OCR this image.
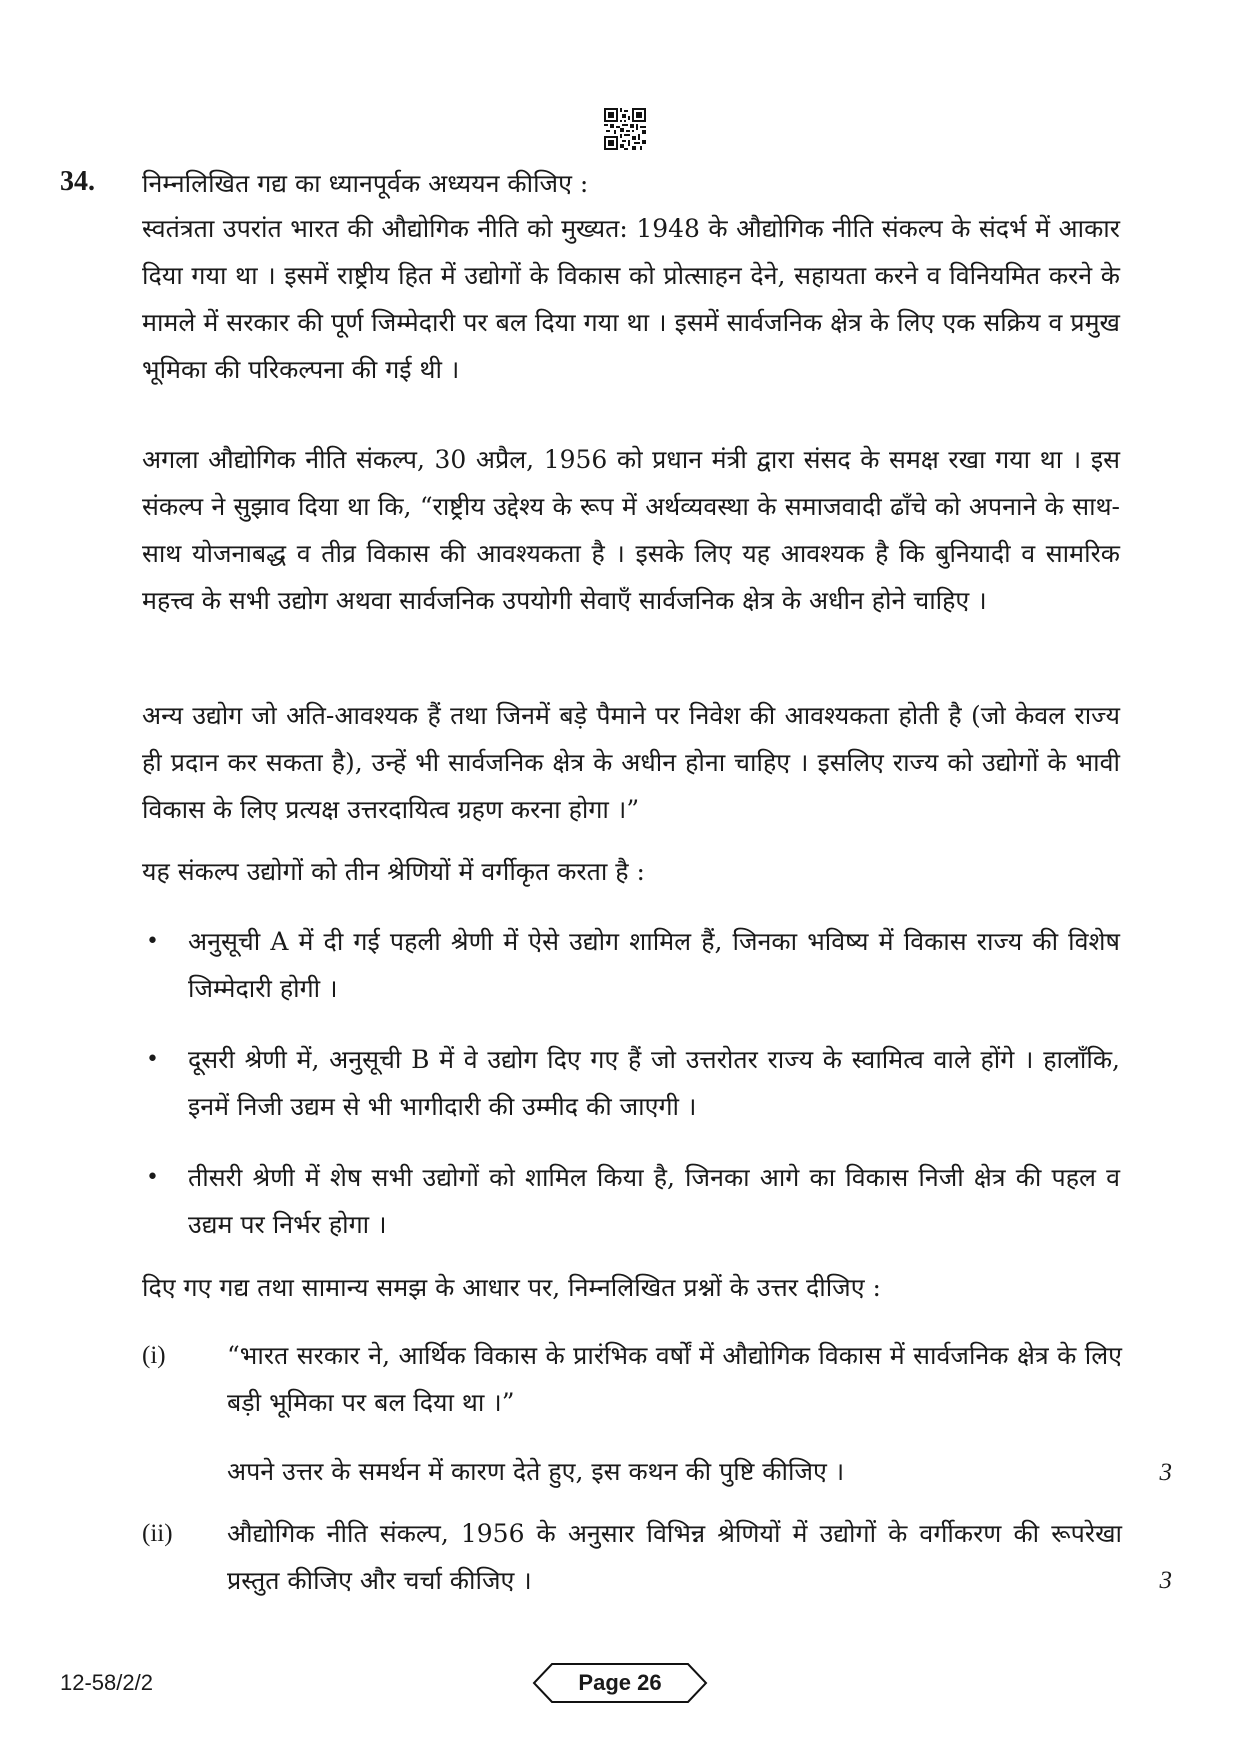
34. निम्नलिखित गद्य का ध्यानपूर्वक अध्ययन कीजिए :
स्वतंत्रता उपरांत भारत की औद्योगिक नीति को मुख्यत: 1948 के औद्योगिक नीति संकल्प के संदर्भ में आकार दिया गया था । इसमें राष्ट्रीय हित में उद्योगों के विकास को प्रोत्साहन देने, सहायता करने व विनियमित करने के मामले में सरकार की पूर्ण जिम्मेदारी पर बल दिया गया था । इसमें सार्वजनिक क्षेत्र के लिए एक सक्रिय व प्रमुख भूमिका की परिकल्पना की गई थी ।
अगला औद्योगिक नीति संकल्प, 30 अप्रैल, 1956 को प्रधान मंत्री द्वारा संसद के समक्ष रखा गया था । इस संकल्प ने सुझाव दिया था कि, “राष्ट्रीय उद्देश्य के रूप में अर्थव्यवस्था के समाजवादी ढाँचे को अपनाने के साथ-साथ योजनाबद्ध व तीव्र विकास की आवश्यकता है । इसके लिए यह आवश्यक है कि बुनियादी व सामरिक महत्त्व के सभी उद्योग अथवा सार्वजनिक उपयोगी सेवाएँ सार्वजनिक क्षेत्र के अधीन होने चाहिए ।
अन्य उद्योग जो अति-आवश्यक हैं तथा जिनमें बड़े पैमाने पर निवेश की आवश्यकता होती है (जो केवल राज्य ही प्रदान कर सकता है), उन्हें भी सार्वजनिक क्षेत्र के अधीन होना चाहिए । इसलिए राज्य को उद्योगों के भावी विकास के लिए प्रत्यक्ष उत्तरदायित्व ग्रहण करना होगा ।”
यह संकल्प उद्योगों को तीन श्रेणियों में वर्गीकृत करता है :
• अनुसूची A में दी गई पहली श्रेणी में ऐसे उद्योग शामिल हैं, जिनका भविष्य में विकास राज्य की विशेष जिम्मेदारी होगी ।
• दूसरी श्रेणी में, अनुसूची B में वे उद्योग दिए गए हैं जो उत्तरोतर राज्य के स्वामित्व वाले होंगे । हालाँकि, इनमें निजी उद्यम से भी भागीदारी की उम्मीद की जाएगी ।
• तीसरी श्रेणी में शेष सभी उद्योगों को शामिल किया है, जिनका आगे का विकास निजी क्षेत्र की पहल व उद्यम पर निर्भर होगा ।
दिए गए गद्य तथा सामान्य समझ के आधार पर, निम्नलिखित प्रश्नों के उत्तर दीजिए :
(i) “भारत सरकार ने, आर्थिक विकास के प्रारंभिक वर्षों में औद्योगिक विकास में सार्वजनिक क्षेत्र के लिए बड़ी भूमिका पर बल दिया था ।”
अपने उत्तर के समर्थन में कारण देते हुए, इस कथन की पुष्टि कीजिए ।	3
(ii) औद्योगिक नीति संकल्प, 1956 के अनुसार विभिन्न श्रेणियों में उद्योगों के वर्गीकरण की रूपरेखा प्रस्तुत कीजिए और चर्चा कीजिए ।	3
12-58/2/2	Page 26
